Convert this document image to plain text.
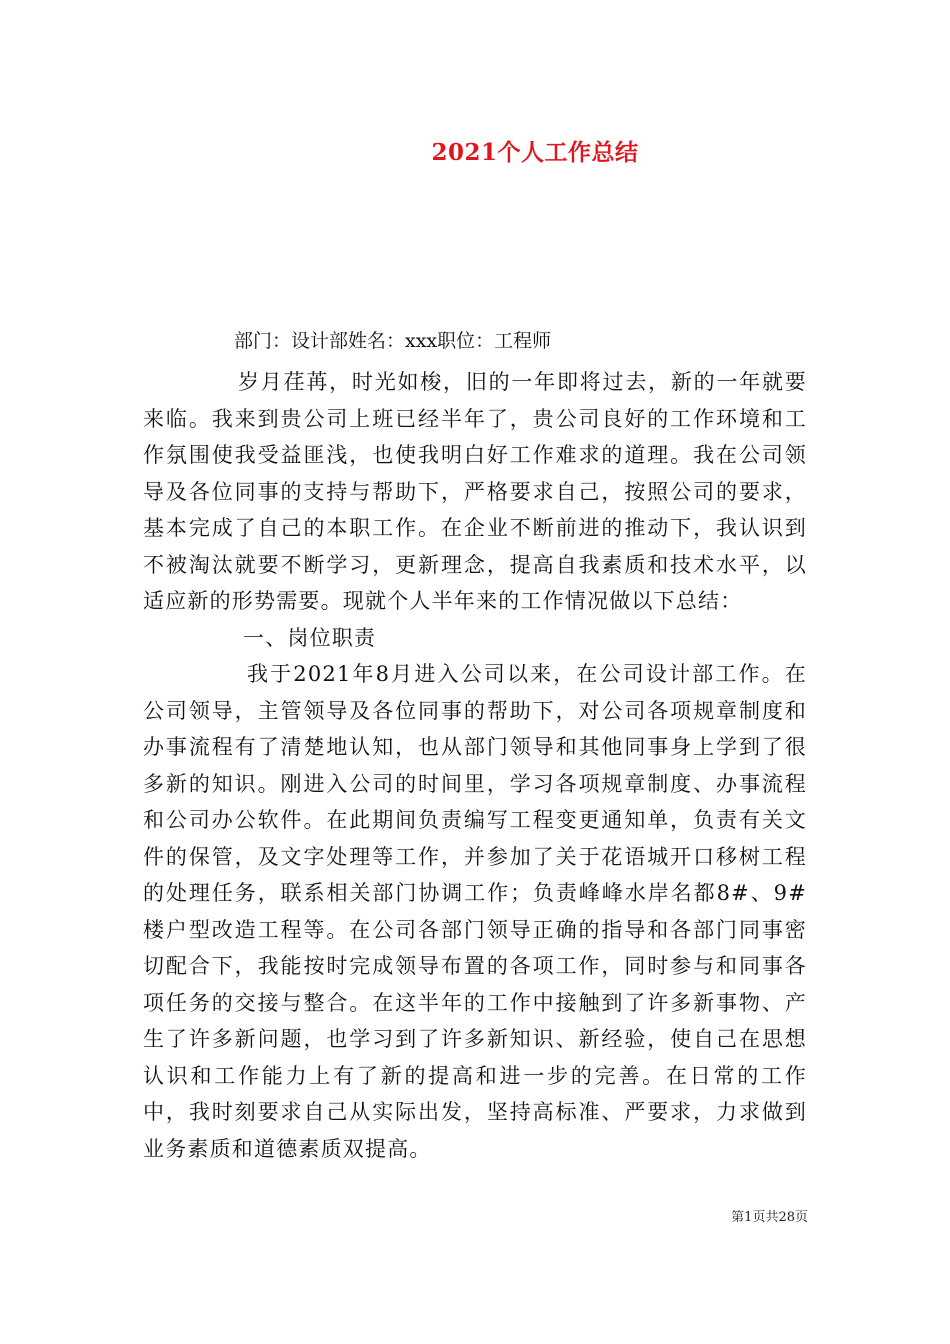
2021个人工作总结
部门：设计部姓名：xxx职位：工程师

岁月荏苒，时光如梭，旧的一年即将过去，新的一年就要来临。我来到贵公司上班已经半年了，贵公司良好的工作环境和工作氛围使我受益匪浅，也使我明白好工作难求的道理。我在公司领导及各位同事的支持与帮助下，严格要求自己，按照公司的要求，基本完成了自己的本职工作。在企业不断前进的推动下，我认识到不被淘汰就要不断学习，更新理念，提高自我素质和技术水平，以适应新的形势需要。现就个人半年来的工作情况做以下总结：

一、岗位职责

我于2021年8月进入公司以来，在公司设计部工作。在公司领导，主管领导及各位同事的帮助下，对公司各项规章制度和办事流程有了清楚地认知，也从部门领导和其他同事身上学到了很多新的知识。刚进入公司的时间里，学习各项规章制度、办事流程和公司办公软件。在此期间负责编写工程变更通知单，负责有关文件的保管，及文字处理等工作，并参加了关于花语城开口移树工程的处理任务，联系相关部门协调工作；负责峰峰水岸名都8#、9#楼户型改造工程等。在公司各部门领导正确的指导和各部门同事密切配合下，我能按时完成领导布置的各项工作，同时参与和同事各项任务的交接与整合。在这半年的工作中接触到了许多新事物、产生了许多新问题，也学习到了许多新知识、新经验，使自己在思想认识和工作能力上有了新的提高和进一步的完善。在日常的工作中，我时刻要求自己从实际出发，坚持高标准、严要求，力求做到业务素质和道德素质双提高。

第1页共28页
